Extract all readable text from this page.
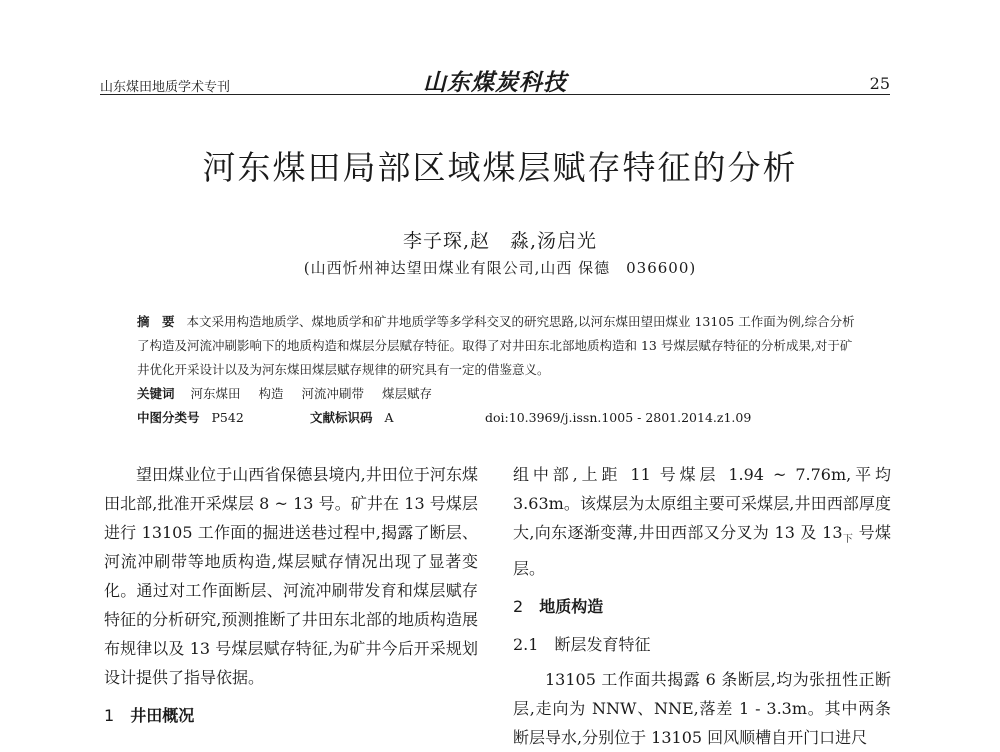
山东煤田地质学术专刊	山东煤炭科技	25
河东煤田局部区域煤层赋存特征的分析
李子琛,赵　淼,汤启光
(山西忻州神达望田煤业有限公司,山西 保德　036600)
摘　要 本文采用构造地质学、煤地质学和矿井地质学等多学科交叉的研究思路,以河东煤田望田煤业 13105 工作面为例,综合分析了构造及河流冲刷影响下的地质构造和煤层分层赋存特征。取得了对井田东北部地质构造和 13 号煤层赋存特征的分析成果,对于矿井优化开采设计以及为河东煤田煤层赋存规律的研究具有一定的借鉴意义。
关键词 河东煤田 构造 河流冲刷带 煤层赋存
中图分类号 P542	文献标识码 A	doi:10.3969/j.issn.1005 - 2801.2014.z1.09

望田煤业位于山西省保德县境内,井田位于河东煤田北部,批准开采煤层 8 ~ 13 号。矿井在 13 号煤层进行 13105 工作面的掘进送巷过程中,揭露了断层、河流冲刷带等地质构造,煤层赋存情况出现了显著变化。通过对工作面断层、河流冲刷带发育和煤层赋存特征的分析研究,预测推断了井田东北部的地质构造展布规律以及 13 号煤层赋存特征,为矿井今后开采规划设计提供了指导依据。

1 井田概况

组中部,上距 11 号煤层 1.94 ~ 7.76m,平均 3.63m。该煤层为太原组主要可采煤层,井田西部厚度大,向东逐渐变薄,井田西部又分叉为 13 及 $13_下$ 号煤层。

2 地质构造
2.1 断层发育特征

13105 工作面共揭露 6 条断层,均为张扭性正断层,走向为 NNW、NNE,落差 1 - 3.3m。其中两条断层导水,分别位于 13105 回风顺槽自开门口进尺
